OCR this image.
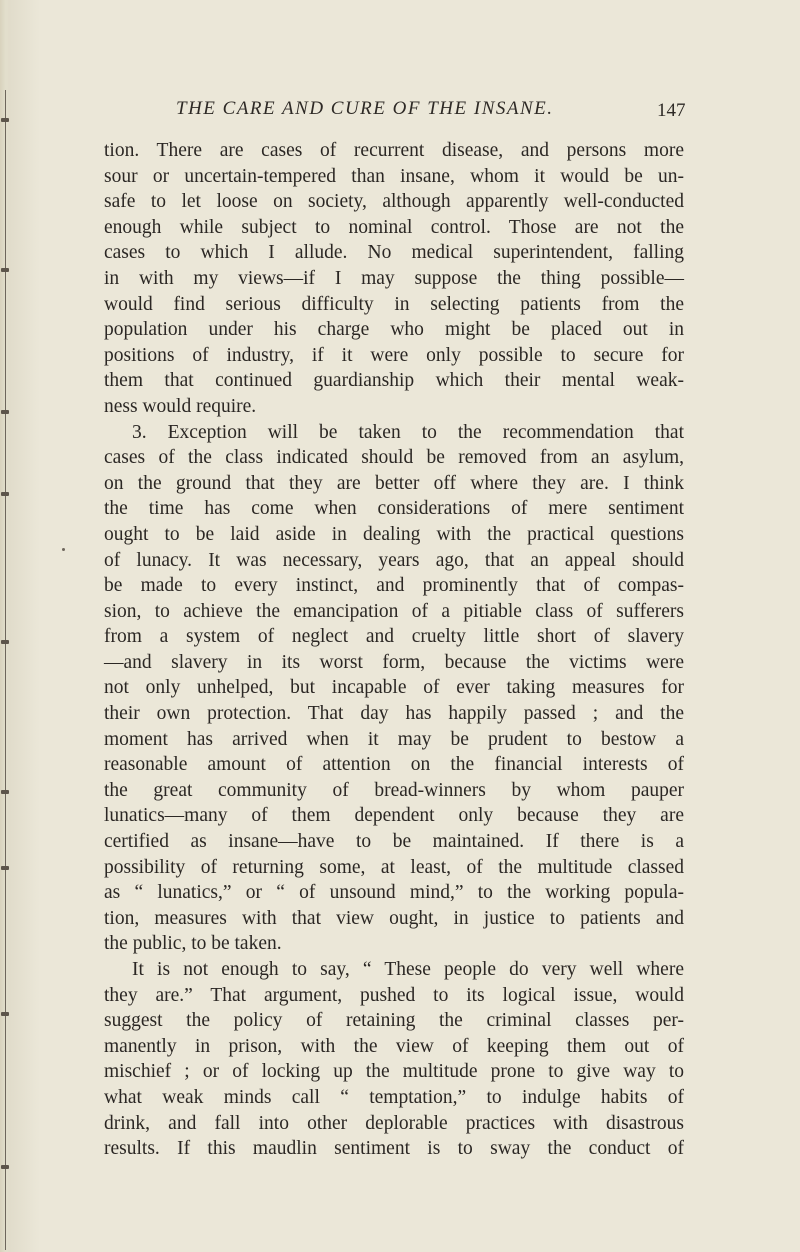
THE CARE AND CURE OF THE INSANE.	147
tion. There are cases of recurrent disease, and persons more
sour or uncertain-tempered than insane, whom it would be un-
safe to let loose on society, although apparently well-conducted
enough while subject to nominal control. Those are not the
cases to which I allude. No medical superintendent, falling
in with my views—if I may suppose the thing possible—
would find serious difficulty in selecting patients from the
population under his charge who might be placed out in
positions of industry, if it were only possible to secure for
them that continued guardianship which their mental weak-
ness would require.
3. Exception will be taken to the recommendation that
cases of the class indicated should be removed from an asylum,
on the ground that they are better off where they are. I think
the time has come when considerations of mere sentiment
ought to be laid aside in dealing with the practical questions
of lunacy. It was necessary, years ago, that an appeal should
be made to every instinct, and prominently that of compas-
sion, to achieve the emancipation of a pitiable class of sufferers
from a system of neglect and cruelty little short of slavery
—and slavery in its worst form, because the victims were
not only unhelped, but incapable of ever taking measures for
their own protection. That day has happily passed ; and the
moment has arrived when it may be prudent to bestow a
reasonable amount of attention on the financial interests of
the great community of bread-winners by whom pauper
lunatics—many of them dependent only because they are
certified as insane—have to be maintained. If there is a
possibility of returning some, at least, of the multitude classed
as “ lunatics,” or “ of unsound mind,” to the working popula-
tion, measures with that view ought, in justice to patients and
the public, to be taken.
It is not enough to say, “ These people do very well where
they are.” That argument, pushed to its logical issue, would
suggest the policy of retaining the criminal classes per-
manently in prison, with the view of keeping them out of
mischief ; or of locking up the multitude prone to give way to
what weak minds call “ temptation,” to indulge habits of
drink, and fall into other deplorable practices with disastrous
results. If this maudlin sentiment is to sway the conduct of
